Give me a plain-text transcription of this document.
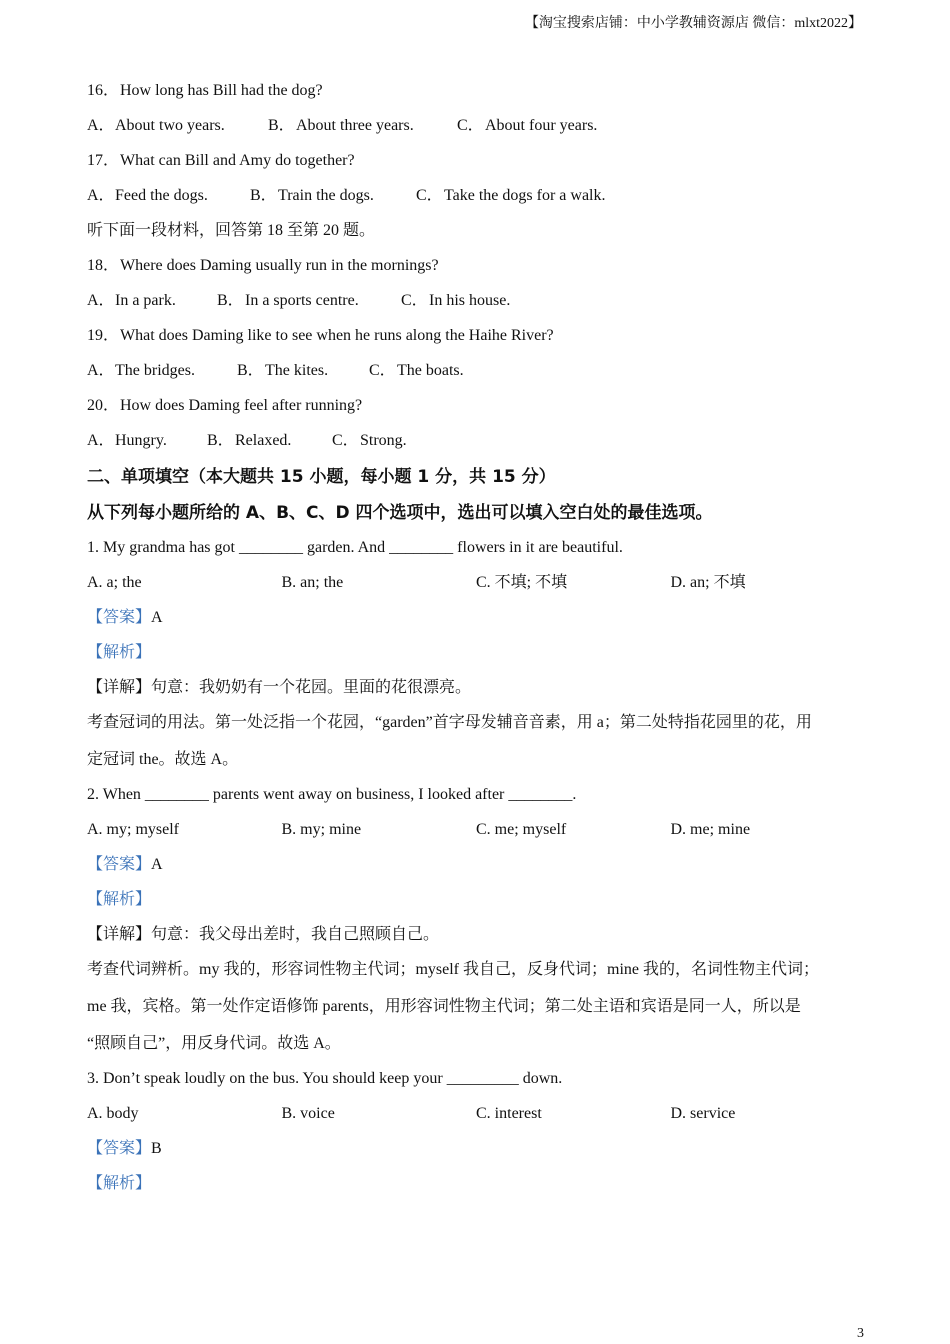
【淘宝搜索店铺：中小学教辅资源店 微信：mlxt2022】
16．How long has Bill had the dog?
A．About two years.	B．About three years.	C．About four years.
17．What can Bill and Amy do together?
A．Feed the dogs.	B．Train the dogs.	C．Take the dogs for a walk.
听下面一段材料，回答第 18 至第 20 题。
18．Where does Daming usually run in the mornings?
A．In a park.	B．In a sports centre.	C．In his house.
19．What does Daming like to see when he runs along the Haihe River?
A．The bridges.	B．The kites.	C．The boats.
20．How does Daming feel after running?
A．Hungry.	B．Relaxed.	C．Strong.
二、单项填空（本大题共 15 小题，每小题 1 分，共 15 分）
从下列每小题所给的 A、B、C、D 四个选项中，选出可以填入空白处的最佳选项。
1. My grandma has got ________ garden. And ________ flowers in it are beautiful.
A. a; the	B. an; the	C. 不填; 不填	D. an; 不填
【答案】A
【解析】
【详解】句意：我奶奶有一个花园。里面的花很漂亮。
考查冠词的用法。第一处泛指一个花园，“garden”首字母发辅音音素，用 a；第二处特指花园里的花，用
定冠词 the。故选 A。
2. When ________ parents went away on business, I looked after ________.
A. my; myself	B. my; mine	C. me; myself	D. me; mine
【答案】A
【解析】
【详解】句意：我父母出差时，我自己照顾自己。
考查代词辨析。my 我的，形容词性物主代词；myself 我自己，反身代词；mine 我的，名词性物主代词；
me 我，宾格。第一处作定语修饰 parents，用形容词性物主代词；第二处主语和宾语是同一人，所以是
“照顾自己”，用反身代词。故选 A。
3. Don’t speak loudly on the bus. You should keep your _________ down.
A. body	B. voice	C. interest	D. service
【答案】B
【解析】
3
